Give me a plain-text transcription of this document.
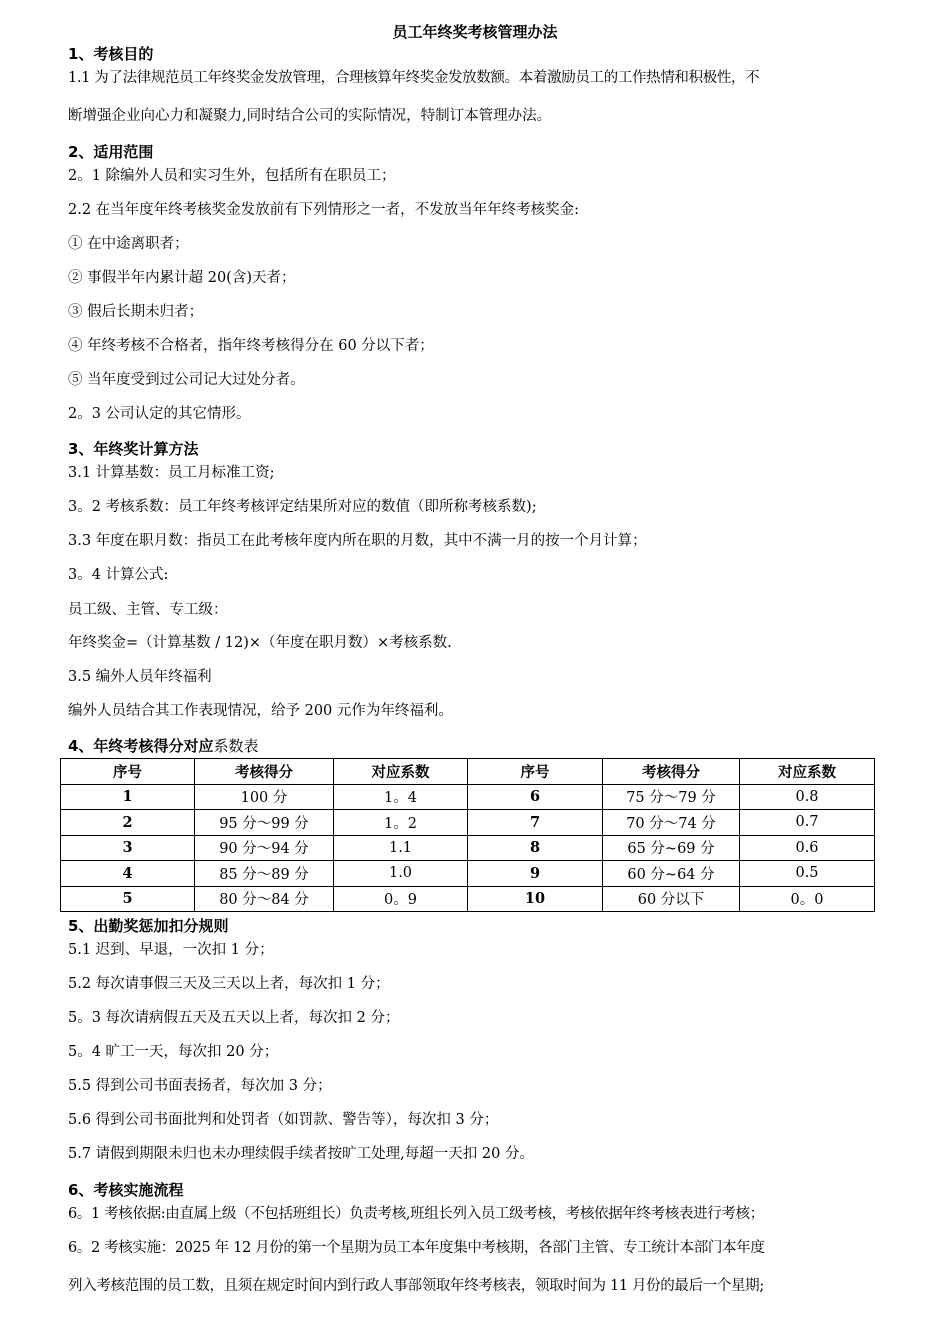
员工年终奖考核管理办法
1、考核目的
1.1 为了法律规范员工年终奖金发放管理，合理核算年终奖金发放数额。本着激励员工的工作热情和积极性，不
断增强企业向心力和凝聚力,同时结合公司的实际情况，特制订本管理办法。
2、适用范围
2。1 除编外人员和实习生外，包括所有在职员工；
2.2 在当年度年终考核奖金发放前有下列情形之一者，不发放当年年终考核奖金:
① 在中途离职者；
② 事假半年内累计超 20(含)天者；
③ 假后长期未归者；
④ 年终考核不合格者，指年终考核得分在 60 分以下者；
⑤ 当年度受到过公司记大过处分者。
2。3 公司认定的其它情形。
3、年终奖计算方法
3.1 计算基数：员工月标准工资;
3。2 考核系数：员工年终考核评定结果所对应的数值（即所称考核系数);
3.3 年度在职月数：指员工在此考核年度内所在职的月数，其中不满一月的按一个月计算；
3。4 计算公式:
员工级、主管、专工级：
年终奖金=（计算基数 / 12)×（年度在职月数）×考核系数.
3.5 编外人员年终福利
编外人员结合其工作表现情况，给予 200 元作为年终福利。
4、年终考核得分对应系数表
序号	考核得分	对应系数	序号	考核得分	对应系数
1	100 分	1。4	6	75 分～79 分	0.8
2	95 分～99 分	1。2	7	70 分～74 分	0.7
3	90 分～94 分	1.1	8	65 分~69 分	0.6
4	85 分～89 分	1.0	9	60 分~64 分	0.5
5	80 分～84 分	0。9	10	60 分以下	0。0
5、出勤奖惩加扣分规则
5.1 迟到、早退，一次扣 1 分；
5.2 每次请事假三天及三天以上者，每次扣 1 分；
5。3 每次请病假五天及五天以上者，每次扣 2 分；
5。4 旷工一天，每次扣 20 分；
5.5 得到公司书面表扬者，每次加 3 分；
5.6 得到公司书面批判和处罚者（如罚款、警告等），每次扣 3 分；
5.7 请假到期限未归也未办理续假手续者按旷工处理,每超一天扣 20 分。
6、考核实施流程
6。1 考核依据:由直属上级（不包括班组长）负责考核,班组长列入员工级考核，考核依据年终考核表进行考核；
6。2 考核实施：2025 年 12 月份的第一个星期为员工本年度集中考核期，各部门主管、专工统计本部门本年度
列入考核范围的员工数，且须在规定时间内到行政人事部领取年终考核表，领取时间为 11 月份的最后一个星期;
